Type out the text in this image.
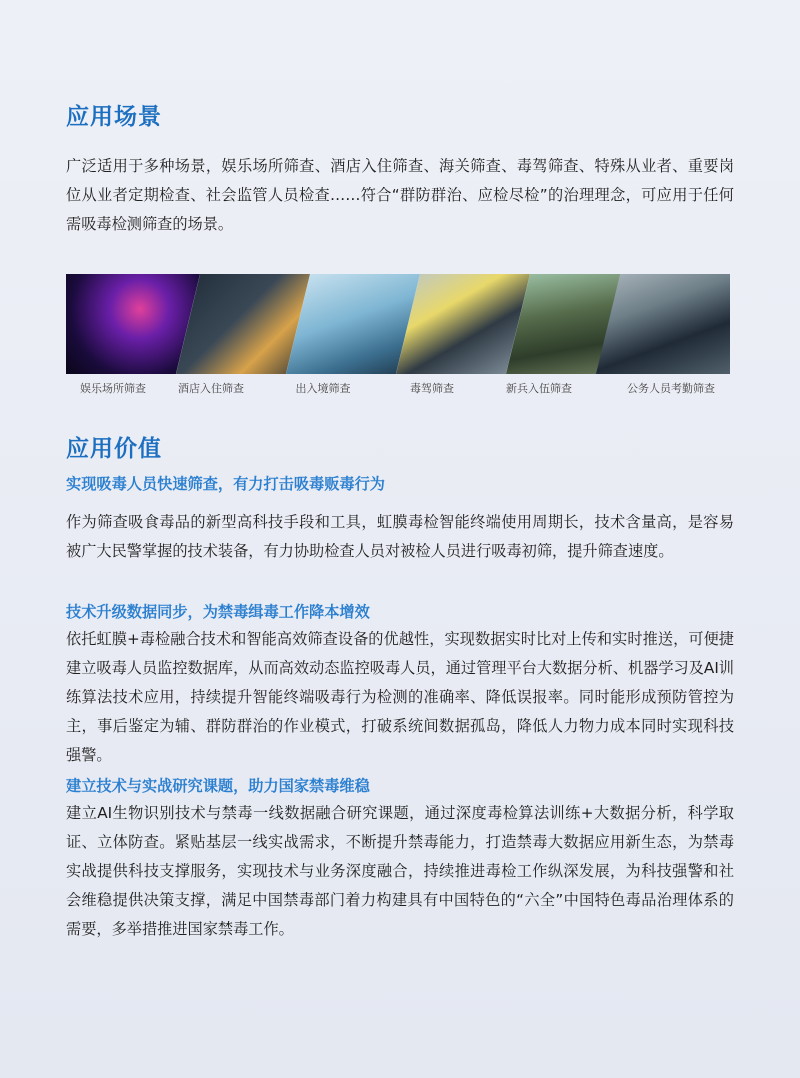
应用场景

广泛适用于多种场景，娱乐场所筛查、酒店入住筛查、海关筛查、毒驾筛查、特殊从业者、重要岗位从业者定期检查、社会监管人员检查……符合“群防群治、应检尽检”的治理理念，可应用于任何需吸毒检测筛查的场景。

娱乐场所筛查	酒店入住筛查	出入境筛查	毒驾筛查	新兵入伍筛查	公务人员考勤筛查

应用价值

实现吸毒人员快速筛查，有力打击吸毒贩毒行为

作为筛查吸食毒品的新型高科技手段和工具，虹膜毒检智能终端使用周期长，技术含量高，是容易被广大民警掌握的技术装备，有力协助检查人员对被检人员进行吸毒初筛，提升筛查速度。

技术升级数据同步，为禁毒缉毒工作降本增效

依托虹膜+毒检融合技术和智能高效筛查设备的优越性，实现数据实时比对上传和实时推送，可便捷建立吸毒人员监控数据库，从而高效动态监控吸毒人员，通过管理平台大数据分析、机器学习及AI训练算法技术应用，持续提升智能终端吸毒行为检测的准确率、降低误报率。同时能形成预防管控为主，事后鉴定为辅、群防群治的作业模式，打破系统间数据孤岛，降低人力物力成本同时实现科技强警。

建立技术与实战研究课题，助力国家禁毒维稳

建立AI生物识别技术与禁毒一线数据融合研究课题，通过深度毒检算法训练+大数据分析，科学取证、立体防查。紧贴基层一线实战需求，不断提升禁毒能力，打造禁毒大数据应用新生态，为禁毒实战提供科技支撑服务，实现技术与业务深度融合，持续推进毒检工作纵深发展，为科技强警和社会维稳提供决策支撑，满足中国禁毒部门着力构建具有中国特色的“六全”中国特色毒品治理体系的需要，多举措推进国家禁毒工作。
